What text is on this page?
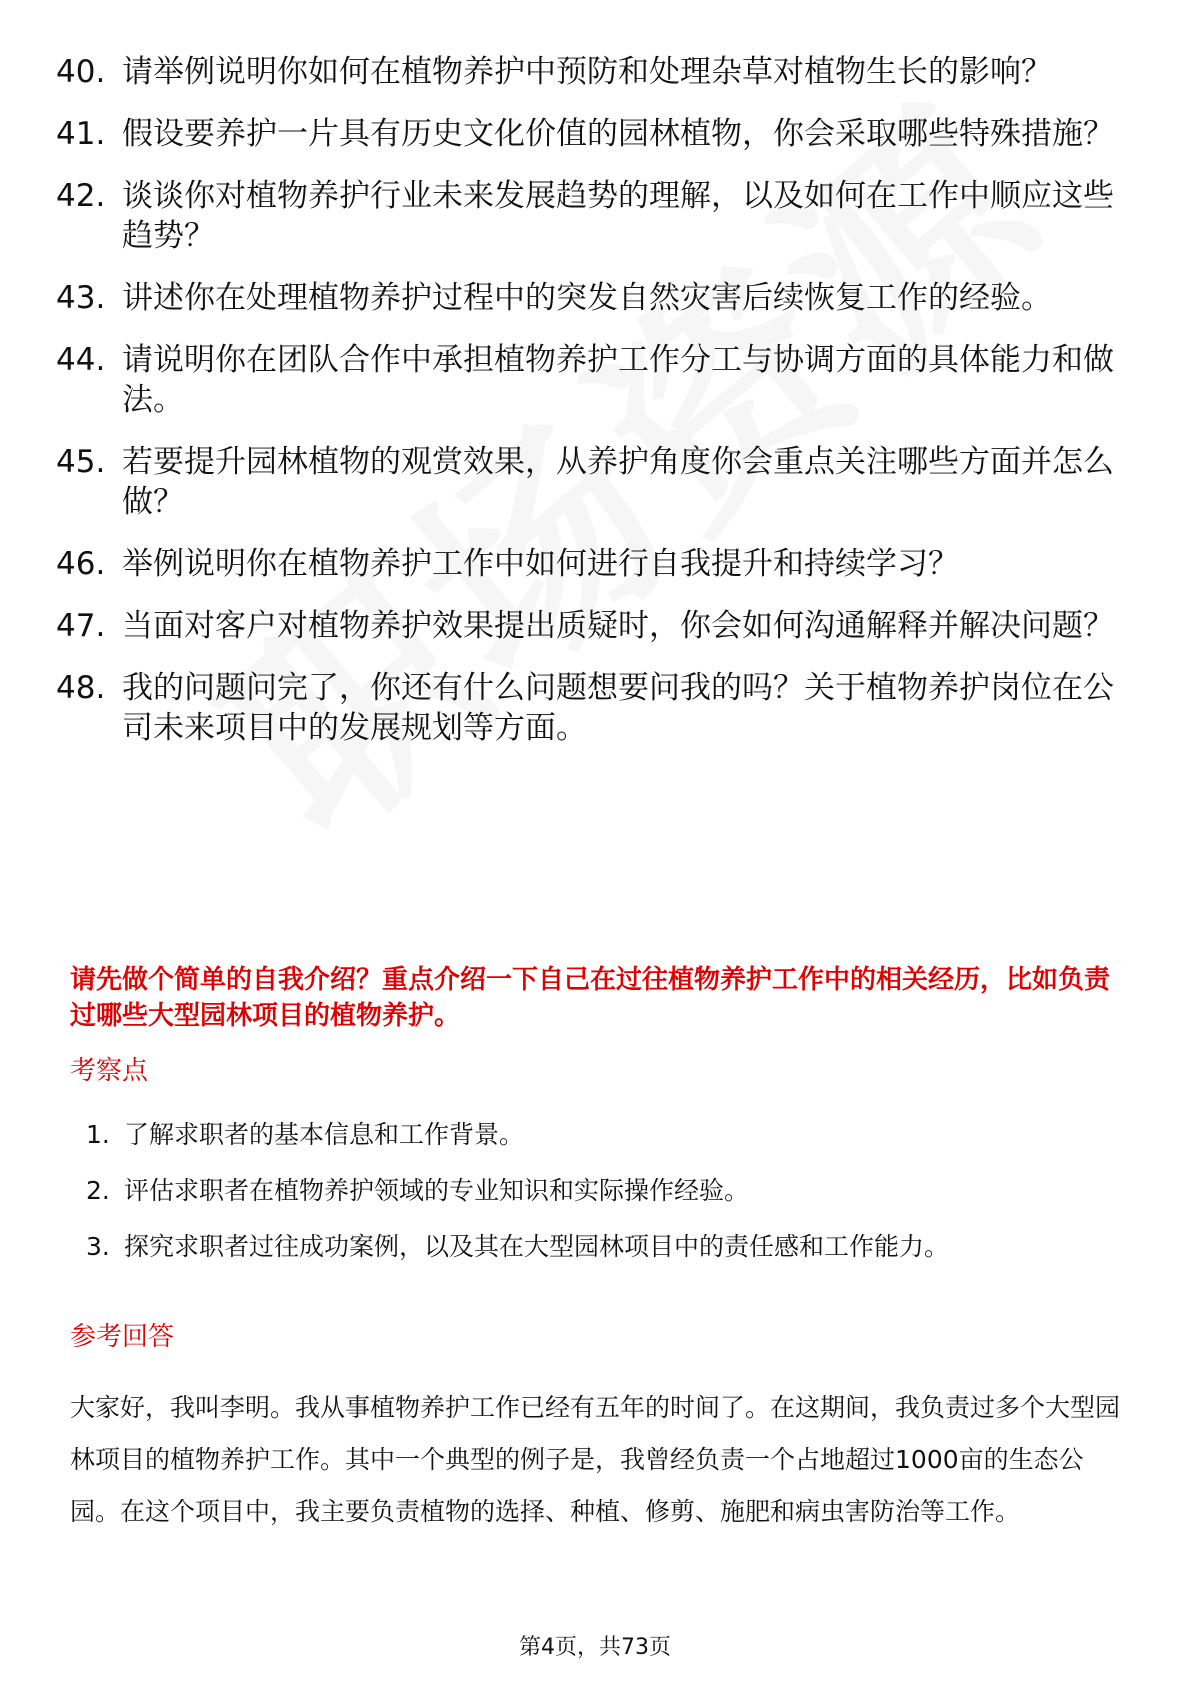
40. 请举例说明你如何在植物养护中预防和处理杂草对植物生长的影响？
41. 假设要养护一片具有历史文化价值的园林植物，你会采取哪些特殊措施？
42. 谈谈你对植物养护行业未来发展趋势的理解，以及如何在工作中顺应这些趋势？
43. 讲述你在处理植物养护过程中的突发自然灾害后续恢复工作的经验。
44. 请说明你在团队合作中承担植物养护工作分工与协调方面的具体能力和做法。
45. 若要提升园林植物的观赏效果，从养护角度你会重点关注哪些方面并怎么做？
46. 举例说明你在植物养护工作中如何进行自我提升和持续学习？
47. 当面对客户对植物养护效果提出质疑时，你会如何沟通解释并解决问题？
48. 我的问题问完了，你还有什么问题想要问我的吗？关于植物养护岗位在公司未来项目中的发展规划等方面。
请先做个简单的自我介绍？重点介绍一下自己在过往植物养护工作中的相关经历，比如负责过哪些大型园林项目的植物养护。
考察点
1. 了解求职者的基本信息和工作背景。
2. 评估求职者在植物养护领域的专业知识和实际操作经验。
3. 探究求职者过往成功案例，以及其在大型园林项目中的责任感和工作能力。
参考回答
大家好，我叫李明。我从事植物养护工作已经有五年的时间了。在这期间，我负责过多个大型园林项目的植物养护工作。其中一个典型的例子是，我曾经负责一个占地超过1000亩的生态公园。在这个项目中，我主要负责植物的选择、种植、修剪、施肥和病虫害防治等工作。
第4页，共73页
